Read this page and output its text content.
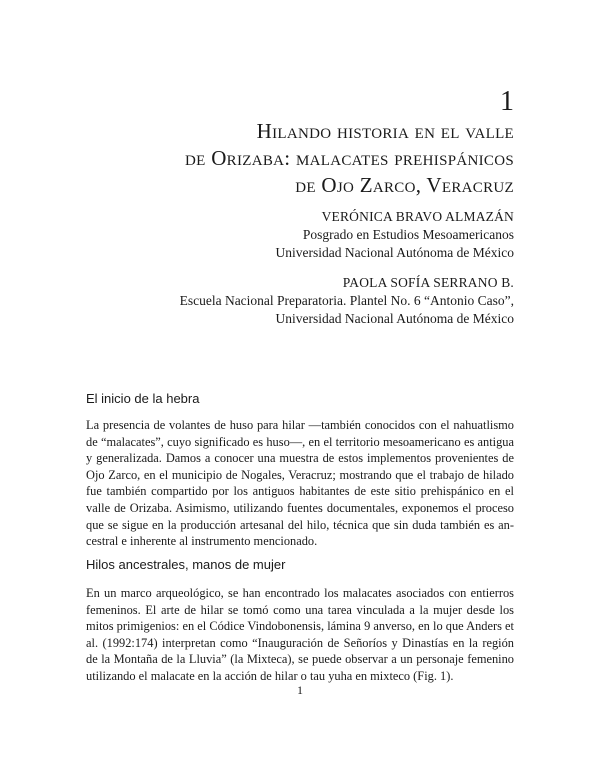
1
Hilando historia en el valle
de Orizaba: malacates prehispánicos
de Ojo Zarco, Veracruz
VERÓNICA BRAVO ALMAZÁN
Posgrado en Estudios Mesoamericanos
Universidad Nacional Autónoma de México
PAOLA SOFÍA SERRANO B.
Escuela Nacional Preparatoria. Plantel No. 6 “Antonio Caso”,
Universidad Nacional Autónoma de México
El inicio de la hebra
La presencia de volantes de huso para hilar —también conocidos con el nahuatlismo
de “malacates”, cuyo significado es huso—, en el territorio mesoamericano es antigua
y generalizada. Damos a conocer una muestra de estos implementos provenientes de
Ojo Zarco, en el municipio de Nogales, Veracruz; mostrando que el trabajo de hilado
fue también compartido por los antiguos habitantes de este sitio prehispánico en el
valle de Orizaba. Asimismo, utilizando fuentes documentales, exponemos el proceso
que se sigue en la producción artesanal del hilo, técnica que sin duda también es an-
cestral e inherente al instrumento mencionado.
Hilos ancestrales, manos de mujer
En un marco arqueológico, se han encontrado los malacates asociados con entierros
femeninos. El arte de hilar se tomó como una tarea vinculada a la mujer desde los
mitos primigenios: en el Códice Vindobonensis, lámina 9 anverso, en lo que Anders et
al. (1992:174) interpretan como “Inauguración de Señoríos y Dinastías en la región
de la Montaña de la Lluvia” (la Mixteca), se puede observar a un personaje femenino
utilizando el malacate en la acción de hilar o tau yuha en mixteco (Fig. 1).
1
